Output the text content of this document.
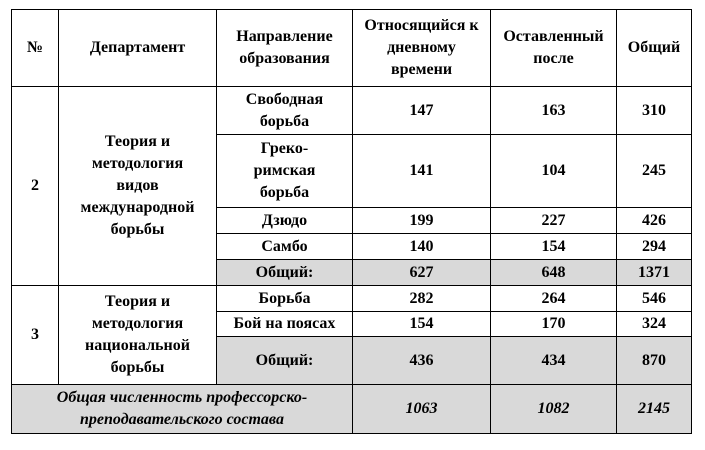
№	Департамент	Направление образования	Относящийся к дневному времени	Оставленный после	Общий
2	Теория и методология видов международной борьбы	Свободная борьба	147	163	310
		Греко-римская борьба	141	104	245
		Дзюдо	199	227	426
		Самбо	140	154	294
		Общий:	627	648	1371
3	Теория и методология национальной борьбы	Борьба	282	264	546
		Бой на поясах	154	170	324
		Общий:	436	434	870
Общая численность профессорско-преподавательского состава			1063	1082	2145
